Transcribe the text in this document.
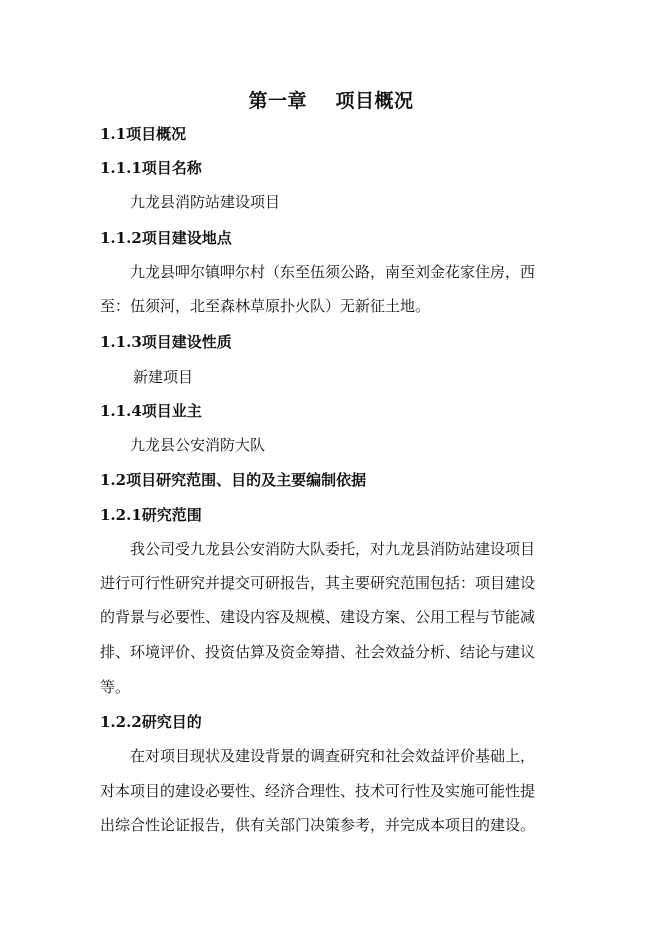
第一章    项目概况
1.1项目概况
1.1.1项目名称
九龙县消防站建设项目
1.1.2项目建设地点
九龙县呷尔镇呷尔村（东至伍须公路，南至刘金花家住房，西
至：伍须河，北至森林草原扑火队）无新征土地。
1.1.3项目建设性质
新建项目
1.1.4项目业主
九龙县公安消防大队
1.2项目研究范围、目的及主要编制依据
1.2.1研究范围
我公司受九龙县公安消防大队委托，对九龙县消防站建设项目
进行可行性研究并提交可研报告，其主要研究范围包括：项目建设
的背景与必要性、建设内容及规模、建设方案、公用工程与节能减
排、环境评价、投资估算及资金筹措、社会效益分析、结论与建议
等。
1.2.2研究目的
在对项目现状及建设背景的调查研究和社会效益评价基础上，
对本项目的建设必要性、经济合理性、技术可行性及实施可能性提
出综合性论证报告，供有关部门决策参考，并完成本项目的建设。
